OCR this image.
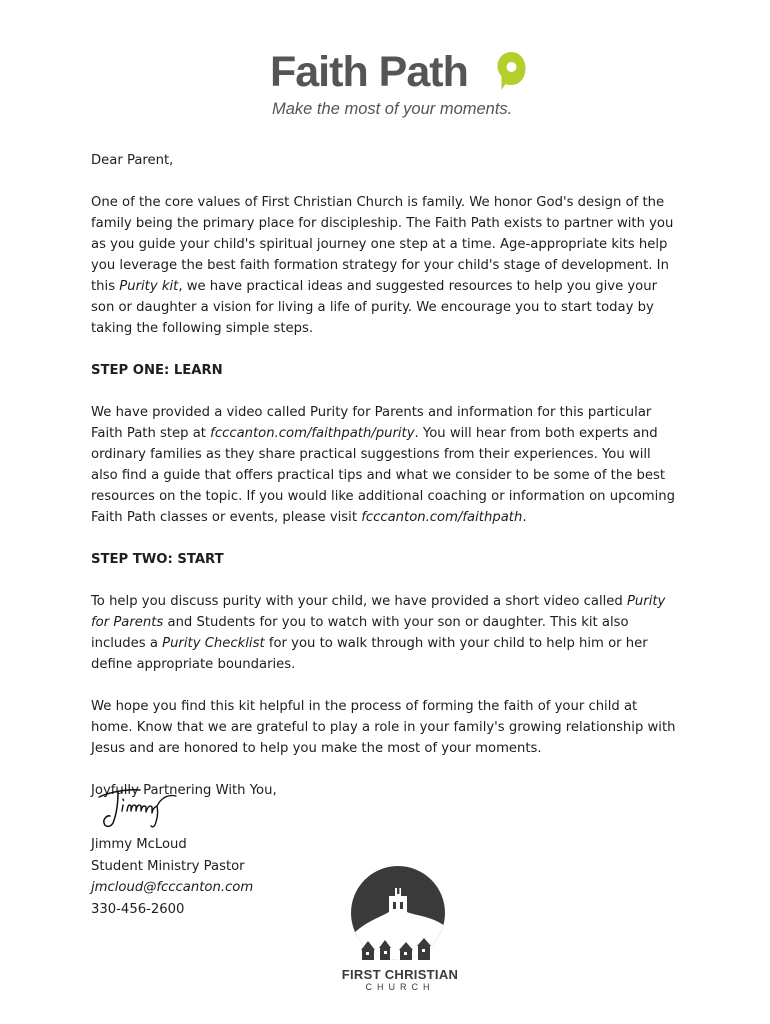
Faith Path
Make the most of your moments.

Dear Parent,

One of the core values of First Christian Church is family. We honor God's design of the family being the primary place for discipleship. The Faith Path exists to partner with you as you guide your child's spiritual journey one step at a time. Age-appropriate kits help you leverage the best faith formation strategy for your child's stage of development. In this Purity kit, we have practical ideas and suggested resources to help you give your son or daughter a vision for living a life of purity. We encourage you to start today by taking the following simple steps.

STEP ONE: LEARN

We have provided a video called Purity for Parents and information for this particular Faith Path step at fcccanton.com/faithpath/purity. You will hear from both experts and ordinary families as they share practical suggestions from their experiences. You will also find a guide that offers practical tips and what we consider to be some of the best resources on the topic. If you would like additional coaching or information on upcoming Faith Path classes or events, please visit fcccanton.com/faithpath.

STEP TWO: START

To help you discuss purity with your child, we have provided a short video called Purity for Parents and Students for you to watch with your son or daughter. This kit also includes a Purity Checklist for you to walk through with your child to help him or her define appropriate boundaries.

We hope you find this kit helpful in the process of forming the faith of your child at home. Know that we are grateful to play a role in your family's growing relationship with Jesus and are honored to help you make the most of your moments.

Joyfully Partnering With You,

Jimmy McLoud
Student Ministry Pastor
jmcloud@fcccanton.com
330-456-2600
FIRST CHRISTIAN
CHURCH
